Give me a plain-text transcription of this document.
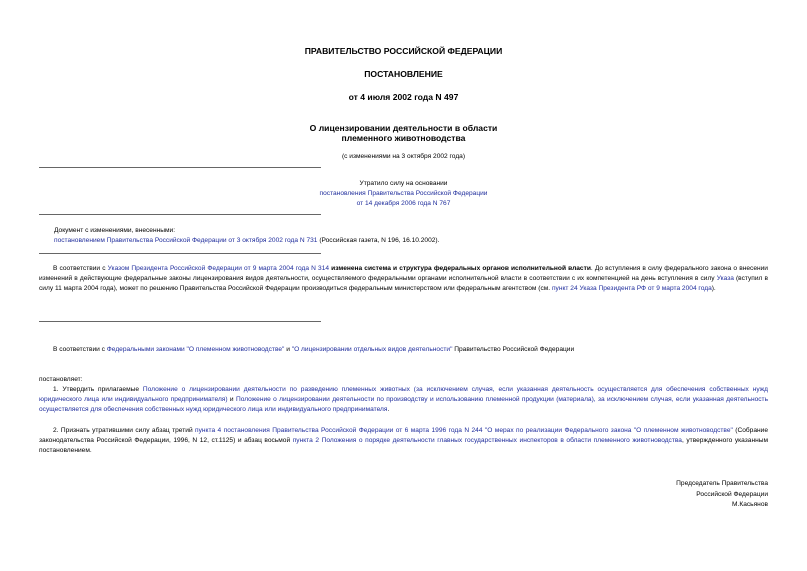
ПРАВИТЕЛЬСТВО РОССИЙСКОЙ ФЕДЕРАЦИИ
ПОСТАНОВЛЕНИЕ
от 4 июля 2002 года N 497
О лицензировании деятельности в области
племенного животноводства
(с изменениями на 3 октября 2002 года)
Утратило силу на основании
постановления Правительства Российской Федерации
от 14 декабря 2006 года N 767
Документ с изменениями, внесенными:
постановлением Правительства Российской Федерации от 3 октября 2002 года N 731 (Российская газета, N 196, 16.10.2002).
В соответствии с Указом Президента Российской Федерации от 9 марта 2004 года N 314 изменена система и структура федеральных органов исполнительной власти. До вступления в силу федерального закона о внесении изменений в действующие федеральные законы лицензирования видов деятельности, осуществляемого федеральными органами исполнительной власти в соответствии с их компетенцией на день вступления в силу Указа (вступил в силу 11 марта 2004 года), может по решению Правительства Российской Федерации производиться федеральным министерством или федеральным агентством (см. пункт 24 Указа Президента РФ от 9 марта 2004 года).
В соответствии с Федеральными законами "О племенном животноводстве" и "О лицензировании отдельных видов деятельности" Правительство Российской Федерации
постановляет:
1. Утвердить прилагаемые Положение о лицензировании деятельности по разведению племенных животных (за исключением случая, если указанная деятельность осуществляется для обеспечения собственных нужд юридического лица или индивидуального предпринимателя) и Положение о лицензировании деятельности по производству и использованию племенной продукции (материала), за исключением случая, если указанная деятельность осуществляется для обеспечения собственных нужд юридического лица или индивидуального предпринимателя.
2. Признать утратившими силу абзац третий пункта 4 постановления Правительства Российской Федерации от 6 марта 1996 года N 244 "О мерах по реализации Федерального закона "О племенном животноводстве" (Собрание законодательства Российской Федерации, 1996, N 12, ст.1125) и абзац восьмой пункта 2 Положения о порядке деятельности главных государственных инспекторов в области племенного животноводства, утвержденного указанным постановлением.
Председатель Правительства
Российской Федерации
М.Касьянов
